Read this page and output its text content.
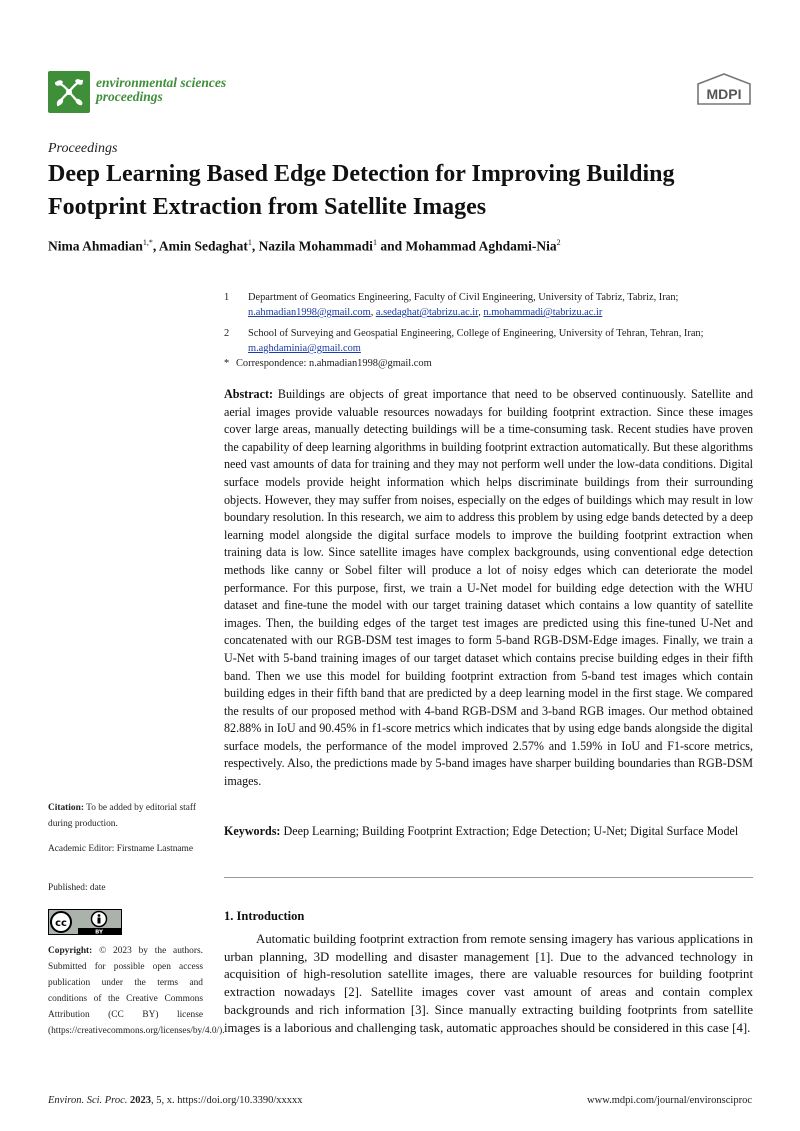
environmental sciences
proceedings	MDPI
Proceedings
Deep Learning Based Edge Detection for Improving Building Footprint Extraction from Satellite Images
Nima Ahmadian$^{1,*}$, Amin Sedaghat$^1$, Nazila Mohammadi$^1$ and Mohammad Aghdami-Nia$^2$
1 Department of Geomatics Engineering, Faculty of Civil Engineering, University of Tabriz, Tabriz, Iran;
n.ahmadian1998@gmail.com, a.sedaghat@tabrizu.ac.ir, n.mohammadi@tabrizu.ac.ir
2 School of Surveying and Geospatial Engineering, College of Engineering, University of Tehran, Tehran, Iran; m.aghdaminia@gmail.com
* Correspondence: n.ahmadian1998@gmail.com
Abstract: Buildings are objects of great importance that need to be observed continuously. Satellite and aerial images provide valuable resources nowadays for building footprint extraction. Since these images cover large areas, manually detecting buildings will be a time-consuming task. Recent studies have proven the capability of deep learning algorithms in building footprint extraction automatically. But these algorithms need vast amounts of data for training and they may not perform well under the low-data conditions. Digital surface models provide height information which helps discriminate buildings from their surrounding objects. However, they may suffer from noises, especially on the edges of buildings which may result in low boundary resolution. In this research, we aim to address this problem by using edge bands detected by a deep learning model alongside the digital surface models to improve the building footprint extraction when training data is low. Since satellite images have complex backgrounds, using conventional edge detection methods like canny or Sobel filter will produce a lot of noisy edges which can deteriorate the model performance. For this purpose, first, we train a U-Net model for building edge detection with the WHU dataset and fine-tune the model with our target training dataset which contains a low quantity of satellite images. Then, the building edges of the target test images are predicted using this fine-tuned U-Net and concatenated with our RGB-DSM test images to form 5-band RGB-DSM-Edge images. Finally, we train a U-Net with 5-band training images of our target dataset which contains precise building edges in their fifth band. Then we use this model for building footprint extraction from 5-band test images which contain building edges in their fifth band that are predicted by a deep learning model in the first stage. We compared the results of our proposed method with 4-band RGB-DSM and 3-band RGB images. Our method obtained 82.88% in IoU and 90.45% in f1-score metrics which indicates that by using edge bands alongside the digital surface models, the performance of the model improved 2.57% and 1.59% in IoU and F1-score metrics, respectively. Also, the predictions made by 5-band images have sharper building boundaries than RGB-DSM images.
Keywords: Deep Learning; Building Footprint Extraction; Edge Detection; U-Net; Digital Surface Model
Citation: To be added by editorial staff during production.
Academic Editor: Firstname Lastname
Published: date
cc
BY
Copyright: © 2023 by the authors. Submitted for possible open access publication under the terms and conditions of the Creative Commons Attribution (CC BY) license (https://creativecommons.org/licenses/by/4.0/).
1. Introduction
Automatic building footprint extraction from remote sensing imagery has various applications in urban planning, 3D modelling and disaster management [1]. Due to the advanced technology in acquisition of high-resolution satellite images, there are valuable resources for building footprint extraction nowadays [2]. Satellite images cover vast amount of areas and contain complex backgrounds and rich information [3]. Since manually extracting building footprints from satellite images is a laborious and challenging task, automatic approaches should be considered in this case [4].
Environ. Sci. Proc. 2023, 5, x. https://doi.org/10.3390/xxxxx	www.mdpi.com/journal/environsciproc
